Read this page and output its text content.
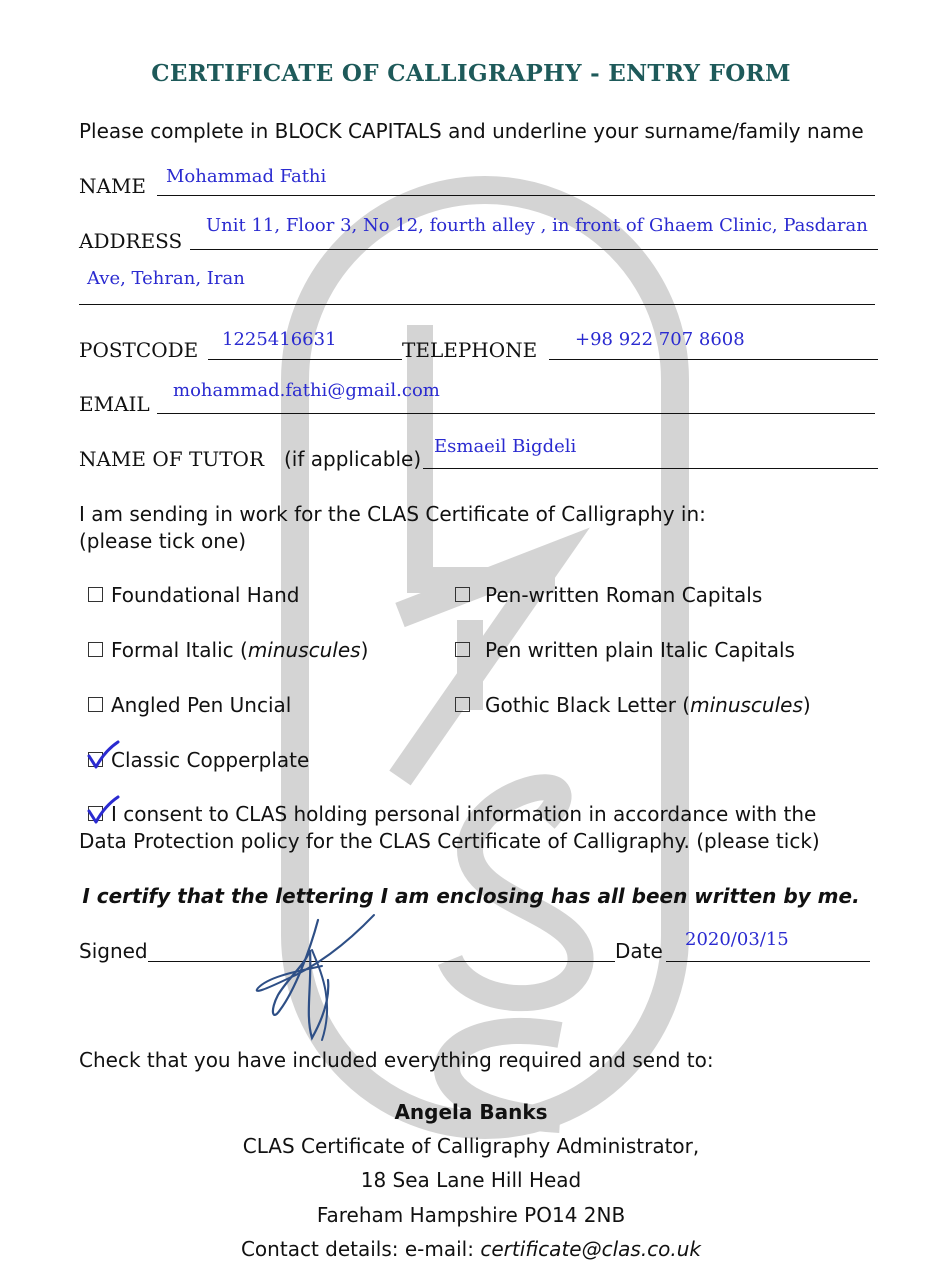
CERTIFICATE OF CALLIGRAPHY - ENTRY FORM
Please complete in BLOCK CAPITALS and underline your surname/family name
NAME Mohammad Fathi
ADDRESS
Unit 11, Floor 3, No 12, fourth alley , in front of Ghaem Clinic, Pasdaran
Ave, Tehran, Iran
POSTCODE 1225416631	TELEPHONE +98 922 707 8608
EMAIL
mohammad.fathi@gmail.com
NAME OF TUTOR (if applicable)
Esmaeil Bigdeli
I am sending in work for the CLAS Certificate of Calligraphy in:
(please tick one)
Foundational Hand	Pen-written Roman Capitals
Formal Italic (minuscules)	Pen written plain Italic Capitals
Angled Pen Uncial	Gothic Black Letter (minuscules)
Classic Copperplate
I consent to CLAS holding personal information in accordance with the
Data Protection policy for the CLAS Certificate of Calligraphy. (please tick)
I certify that the lettering I am enclosing has all been written by me.
Signed	Date 2020/03/15
Check that you have included everything required and send to:
Angela Banks
CLAS Certificate of Calligraphy Administrator,
18 Sea Lane Hill Head
Fareham Hampshire PO14 2NB
Contact details: e-mail: certificate@clas.co.uk
